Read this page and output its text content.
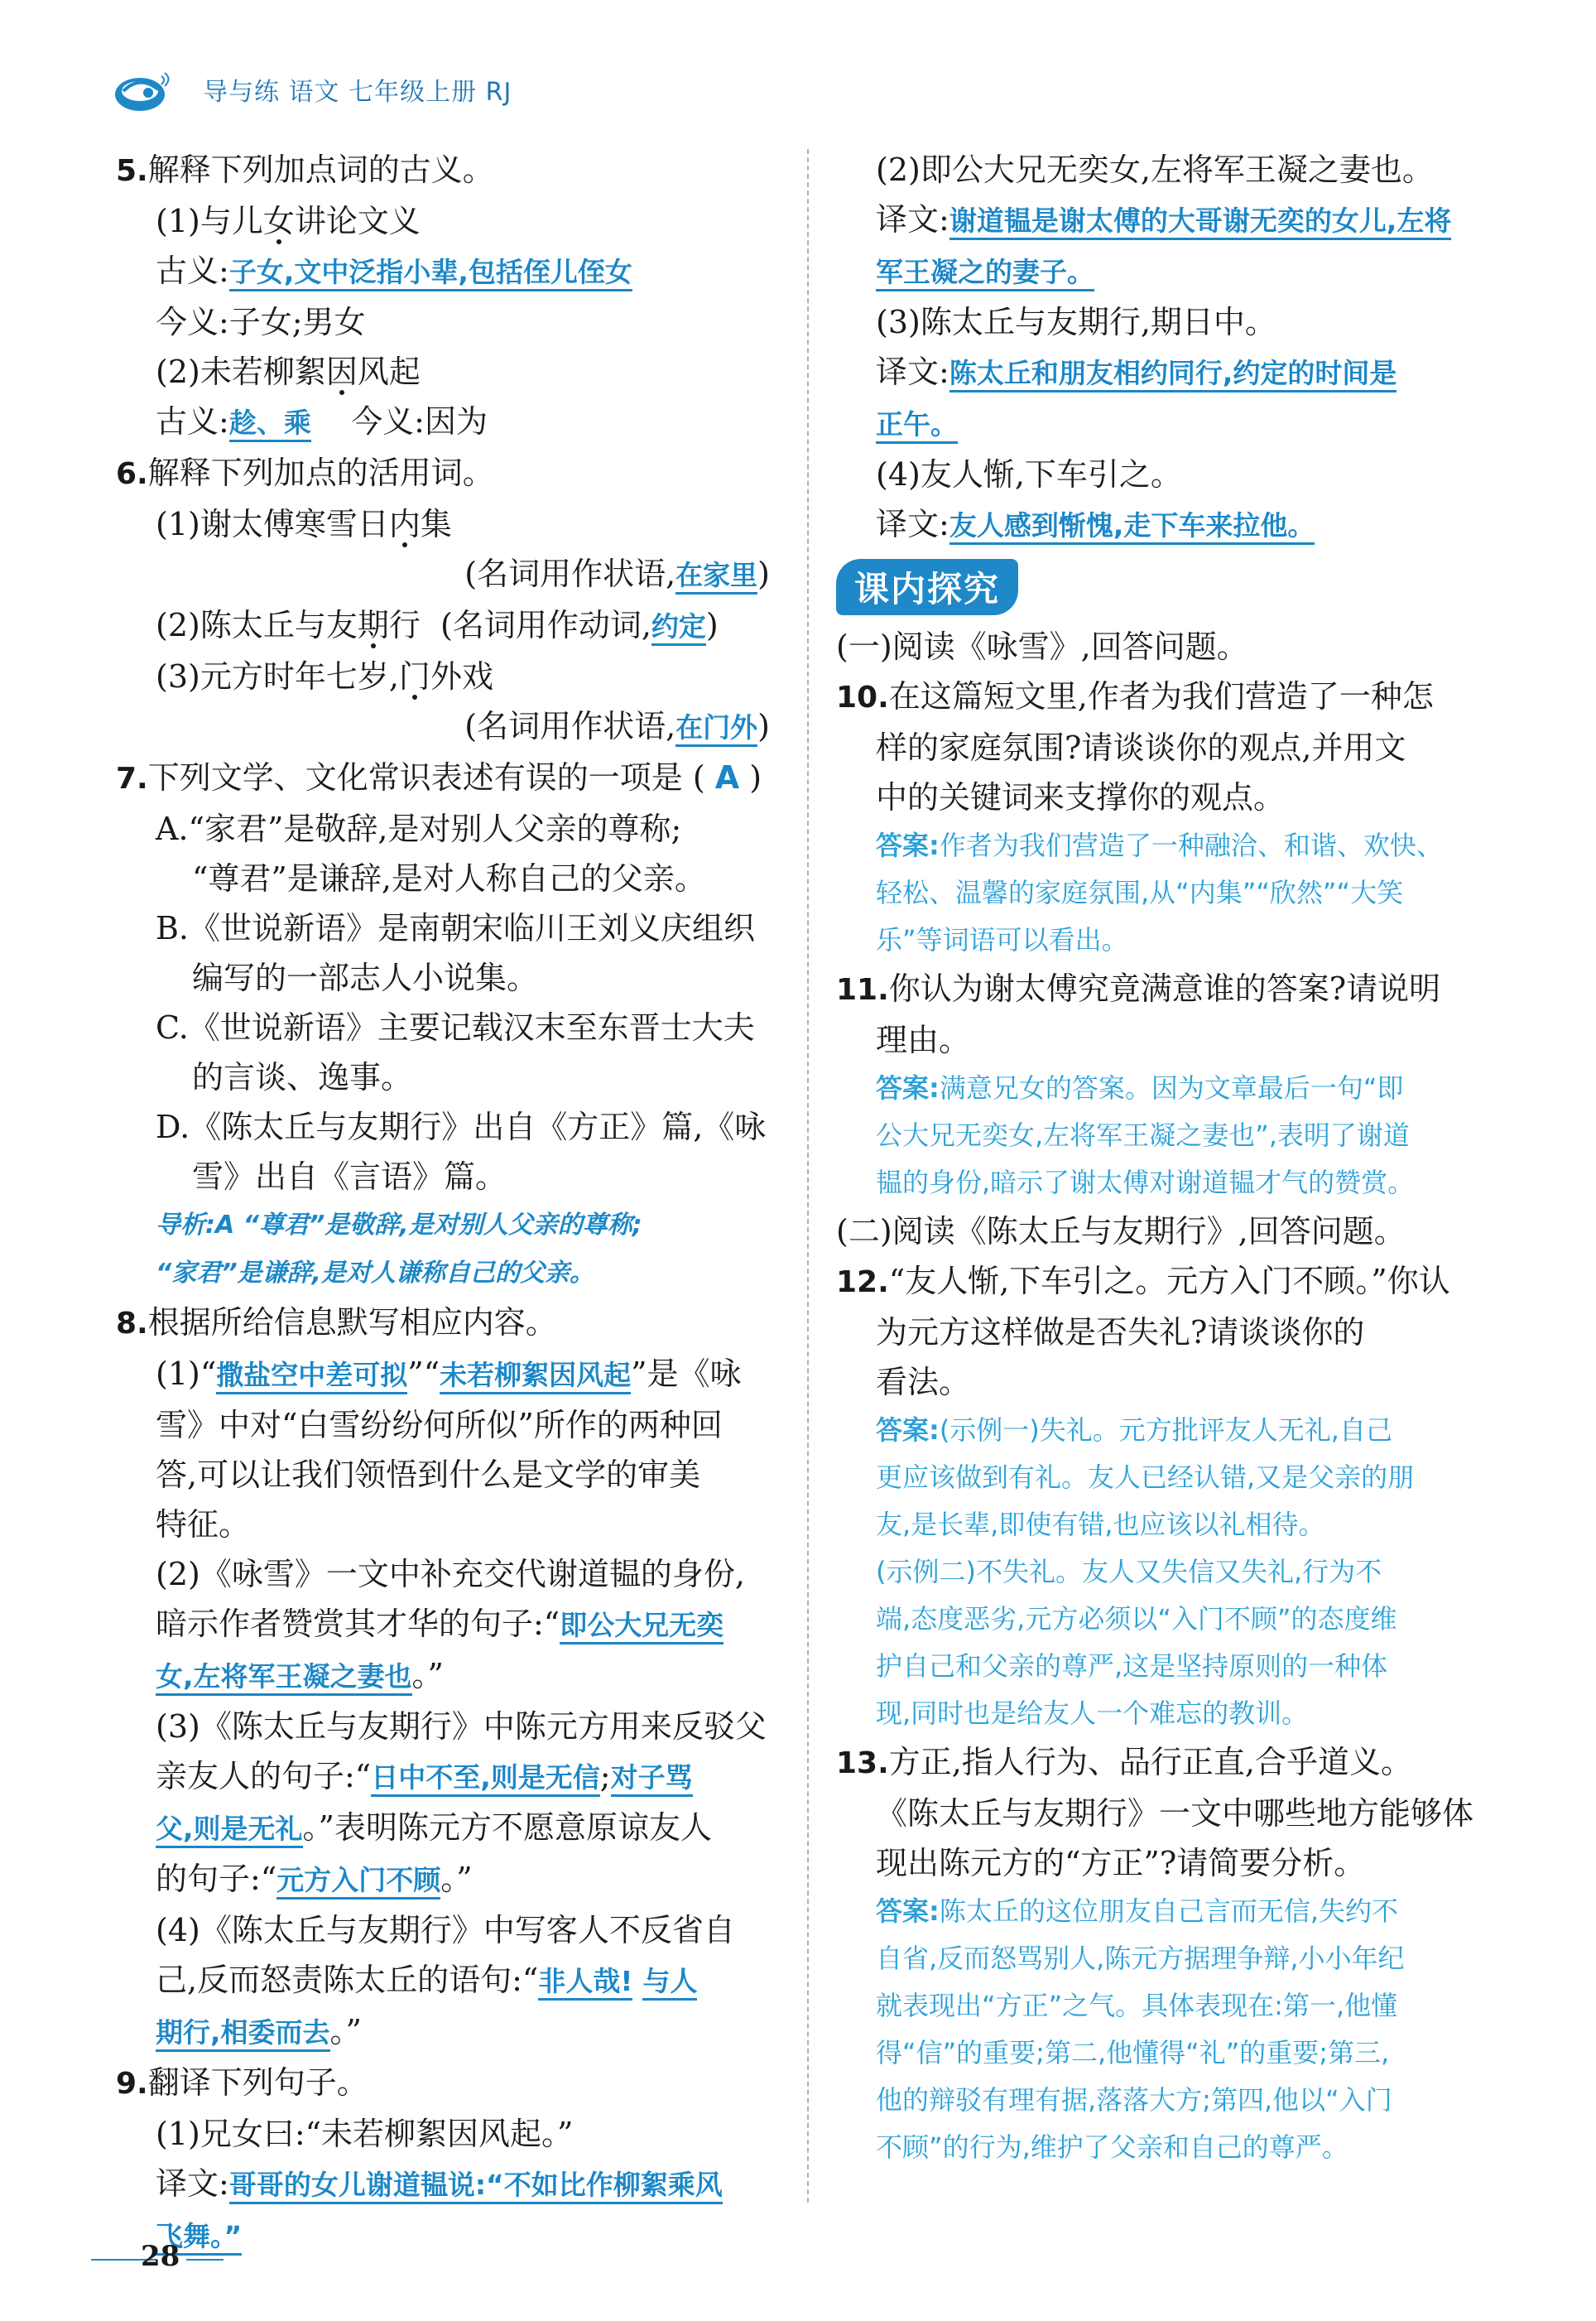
导与练 语文 七年级上册 RJ
5.解释下列加点词的古义。
(1)与儿女讲论文义
古义:子女,文中泛指小辈,包括侄儿侄女
今义:子女;男女
(2)未若柳絮因风起
古义:趁、乘 今义:因为
6.解释下列加点的活用词。
(1)谢太傅寒雪日内集
(名词用作状语,在家里)
(2)陈太丘与友期行  (名词用作动词,约定)
(3)元方时年七岁,门外戏
(名词用作状语,在门外)
7.下列文学、文化常识表述有误的一项是 ( A )
A.“家君”是敬辞,是对别人父亲的尊称;
“尊君”是谦辞,是对人称自己的父亲。
B.《世说新语》是南朝宋临川王刘义庆组织
编写的一部志人小说集。
C.《世说新语》主要记载汉末至东晋士大夫
的言谈、逸事。
D.《陈太丘与友期行》出自《方正》篇,《咏
雪》出自《言语》篇。
导析:A “尊君”是敬辞,是对别人父亲的尊称;
“家君”是谦辞,是对人谦称自己的父亲。
8.根据所给信息默写相应内容。
(1)“撒盐空中差可拟”“未若柳絮因风起”是《咏
雪》中对“白雪纷纷何所似”所作的两种回
答,可以让我们领悟到什么是文学的审美
特征。
(2)《咏雪》一文中补充交代谢道韫的身份,
暗示作者赞赏其才华的句子:“即公大兄无奕
女,左将军王凝之妻也。”
(3)《陈太丘与友期行》中陈元方用来反驳父
亲友人的句子:“日中不至,则是无信;对子骂
父,则是无礼。”表明陈元方不愿意原谅友人
的句子:“元方入门不顾。”
(4)《陈太丘与友期行》中写客人不反省自
己,反而怒责陈太丘的语句:“非人哉! 与人
期行,相委而去。”
9.翻译下列句子。
(1)兄女曰:“未若柳絮因风起。”
译文:哥哥的女儿谢道韫说:“不如比作柳絮乘风
飞舞。”
(2)即公大兄无奕女,左将军王凝之妻也。
译文:谢道韫是谢太傅的大哥谢无奕的女儿,左将
军王凝之的妻子。
(3)陈太丘与友期行,期日中。
译文:陈太丘和朋友相约同行,约定的时间是
正午。
(4)友人惭,下车引之。
译文:友人感到惭愧,走下车来拉他。
课内探究
(一)阅读《咏雪》,回答问题。
10.在这篇短文里,作者为我们营造了一种怎
样的家庭氛围?请谈谈你的观点,并用文
中的关键词来支撑你的观点。
答案:作者为我们营造了一种融洽、和谐、欢快、
轻松、温馨的家庭氛围,从“内集”“欣然”“大笑
乐”等词语可以看出。
11.你认为谢太傅究竟满意谁的答案?请说明
理由。
答案:满意兄女的答案。因为文章最后一句“即
公大兄无奕女,左将军王凝之妻也”,表明了谢道
韫的身份,暗示了谢太傅对谢道韫才气的赞赏。
(二)阅读《陈太丘与友期行》,回答问题。
12.“友人惭,下车引之。元方入门不顾。”你认
为元方这样做是否失礼?请谈谈你的
看法。
答案:(示例一)失礼。元方批评友人无礼,自己
更应该做到有礼。友人已经认错,又是父亲的朋
友,是长辈,即使有错,也应该以礼相待。
(示例二)不失礼。友人又失信又失礼,行为不
端,态度恶劣,元方必须以“入门不顾”的态度维
护自己和父亲的尊严,这是坚持原则的一种体
现,同时也是给友人一个难忘的教训。
13.方正,指人行为、品行正直,合乎道义。
《陈太丘与友期行》一文中哪些地方能够体
现出陈元方的“方正”?请简要分析。
答案:陈太丘的这位朋友自己言而无信,失约不
自省,反而怒骂别人,陈元方据理争辩,小小年纪
就表现出“方正”之气。具体表现在:第一,他懂
得“信”的重要;第二,他懂得“礼”的重要;第三,
他的辩驳有理有据,落落大方;第四,他以“入门
不顾”的行为,维护了父亲和自己的尊严。
28
